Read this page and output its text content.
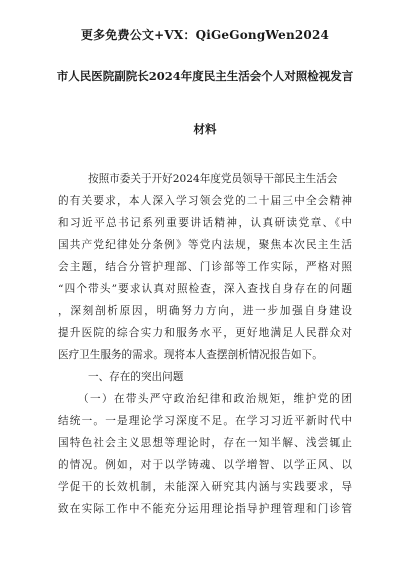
更多免费公文+VX：QiGeGongWen2024
市人民医院副院长2024年度民主生活会个人对照检视发言
材料
按照市委关于开好2024年度党员领导干部民主生活会
的有关要求，本人深入学习领会党的二十届三中全会精神
和习近平总书记系列重要讲话精神，认真研读党章、《中
国共产党纪律处分条例》等党内法规，聚焦本次民主生活
会主题，结合分管护理部、门诊部等工作实际，严格对照
“四个带头”要求认真对照检查，深入查找自身存在的问题
，深刻剖析原因，明确努力方向，进一步加强自身建设
提升医院的综合实力和服务水平，更好地满足人民群众对
医疗卫生服务的需求。现将本人查摆剖析情况报告如下。
一、存在的突出问题
（一）在带头严守政治纪律和政治规矩，维护党的团
结统一。一是理论学习深度不足。在学习习近平新时代中
国特色社会主义思想等理论时，存在一知半解、浅尝辄止
的情况。例如，对于以学铸魂、以学增智、以学正风、以
学促干的长效机制，未能深入研究其内涵与实践要求，导
致在实际工作中不能充分运用理论指导护理管理和门诊管
